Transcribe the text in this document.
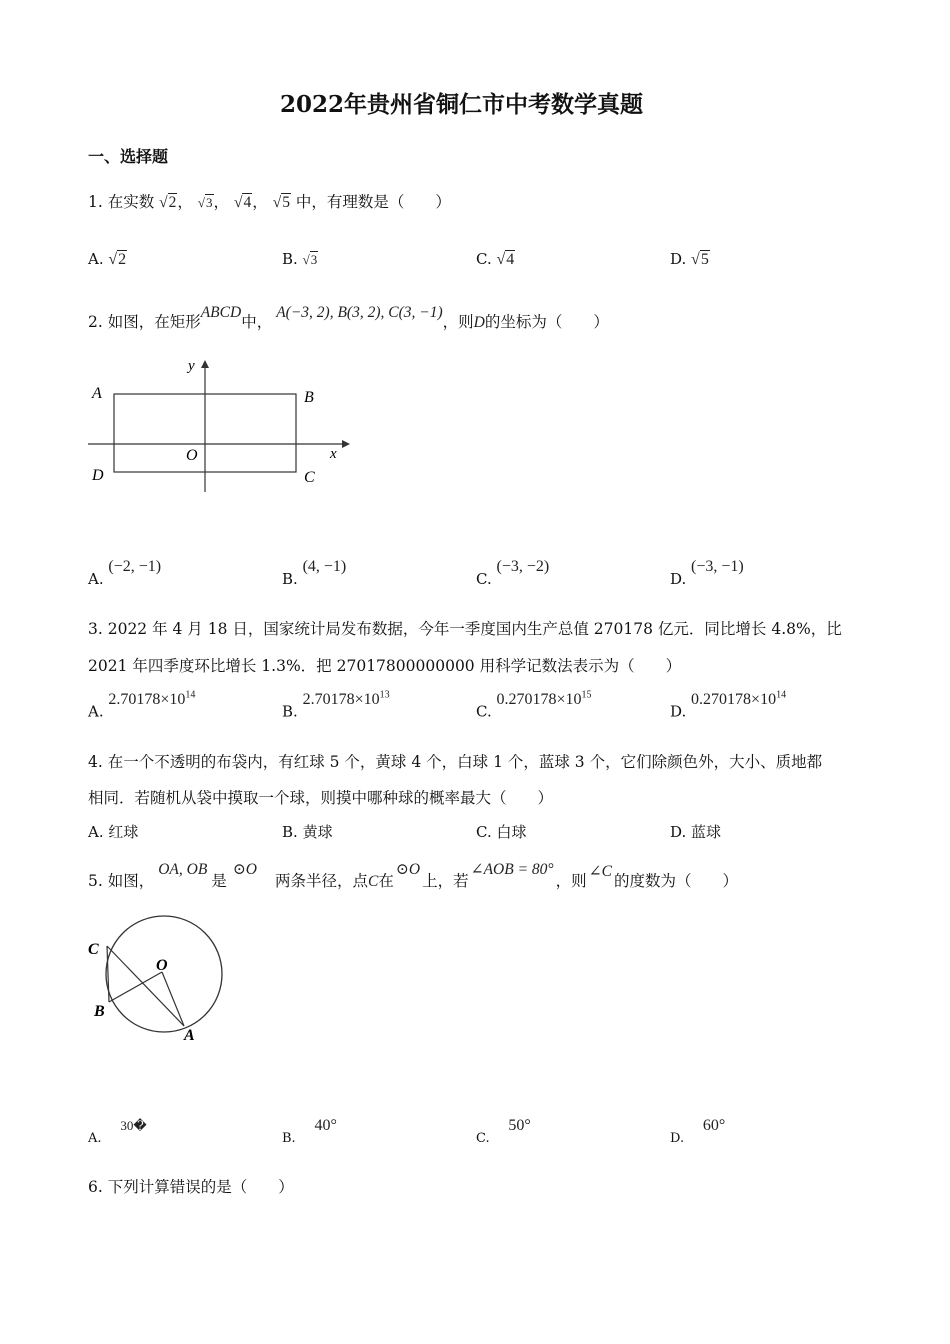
2022年贵州省铜仁市中考数学真题
一、选择题
1. 在实数 √2， √3， √4， √5 中，有理数是（　　）
A. √2	B. √3	C. √4	D. √5
2. 如图，在矩形ABCD中，A(−3, 2), B(3, 2), C(3, −1)，则D的坐标为（　　）
A	B
C
D
O	x
y
A. (−2, −1)
B. (4, −1)
C. (−3, −2)
D. (−3, −1)
3. 2022 年 4 月 18 日，国家统计局发布数据，今年一季度国内生产总值 270178 亿元．同比增长 4.8%，比
2021 年四季度环比增长 1.3%．把 27017800000000 用科学记数法表示为（　　）
A. $2.70178\times 10^{14}$
B. $2.70178\times 10^{13}$
C. $0.270178\times 10^{15}$
D. $0.270178\times 10^{14}$
4. 在一个不透明的布袋内，有红球 5 个，黄球 4 个，白球 1 个，蓝球 3 个，它们除颜色外，大小、质地都
相同．若随机从袋中摸取一个球，则摸中哪种球的概率最大（　　）
A. 红球	B. 黄球	C. 白球	D. 蓝球
5. 如图，OA, OB是⊙O两条半径，点C在⊙O上，若∠AOB = 80°，则∠C的度数为（　　）
C
O
B
A
A. 30�
B. 40°
C. 50°
D. 60°
6. 下列计算错误的是（　　）
